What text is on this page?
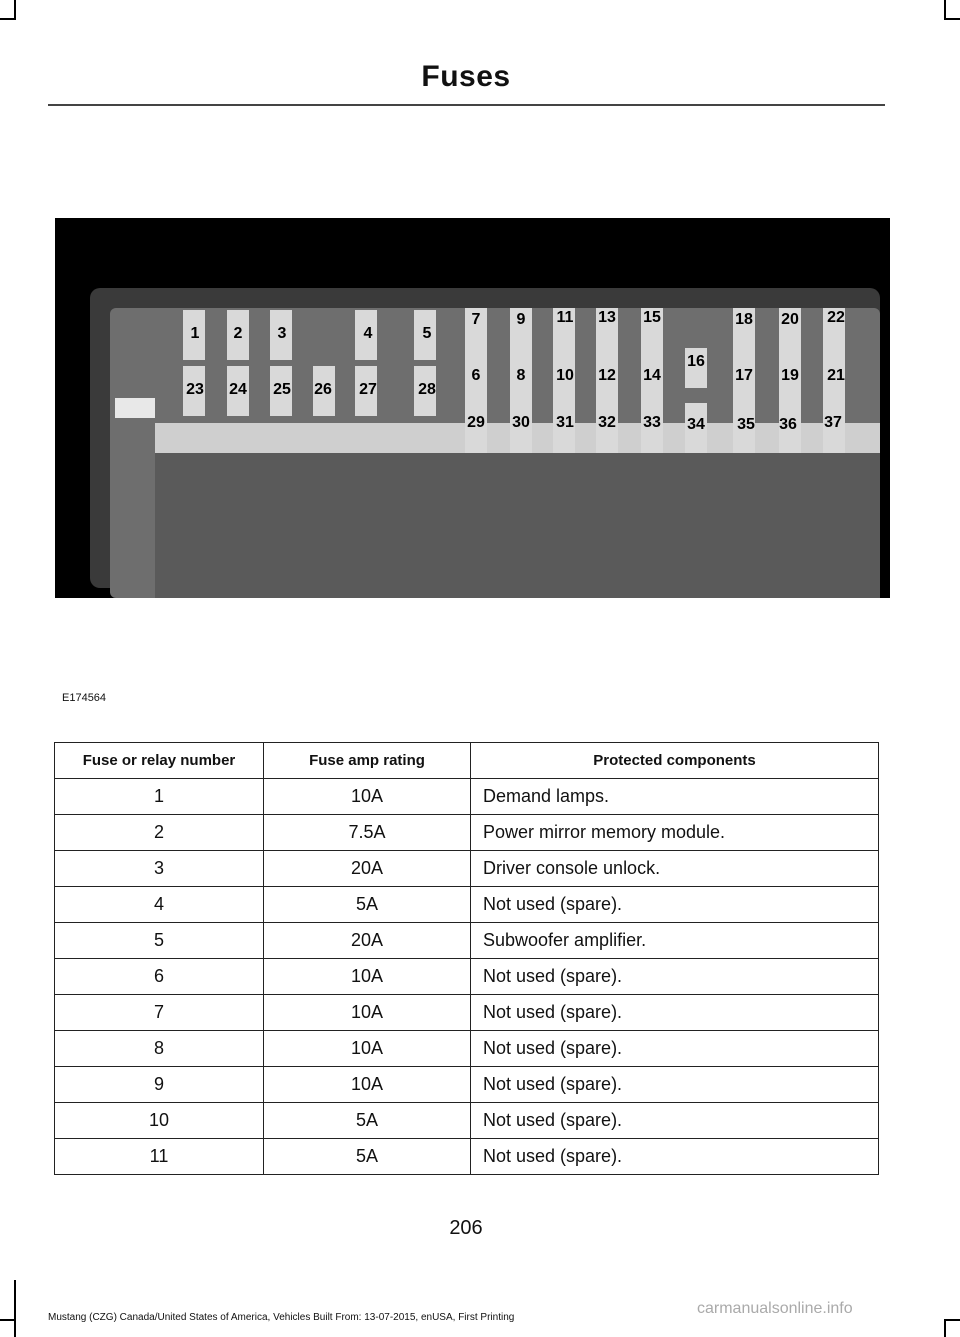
Fuses
1 2 3	4	5
7 9 11 13 15	18 20 22
16
23 24 25 26 27	28
6 8 10 12 14	17 19 21
29 30 31 32 33 34 35 36 37
E174564
Fuse or relay number	Fuse amp rating	Protected components
1	10A	Demand lamps.
2	7.5A	Power mirror memory module.
3	20A	Driver console unlock.
4	5A	Not used (spare).
5	20A	Subwoofer amplifier.
6	10A	Not used (spare).
7	10A	Not used (spare).
8	10A	Not used (spare).
9	10A	Not used (spare).
10	5A	Not used (spare).
11	5A	Not used (spare).
206
Mustang (CZG) Canada/United States of America, Vehicles Built From: 13-07-2015, enUSA, First Printing
carmanualsonline.info
